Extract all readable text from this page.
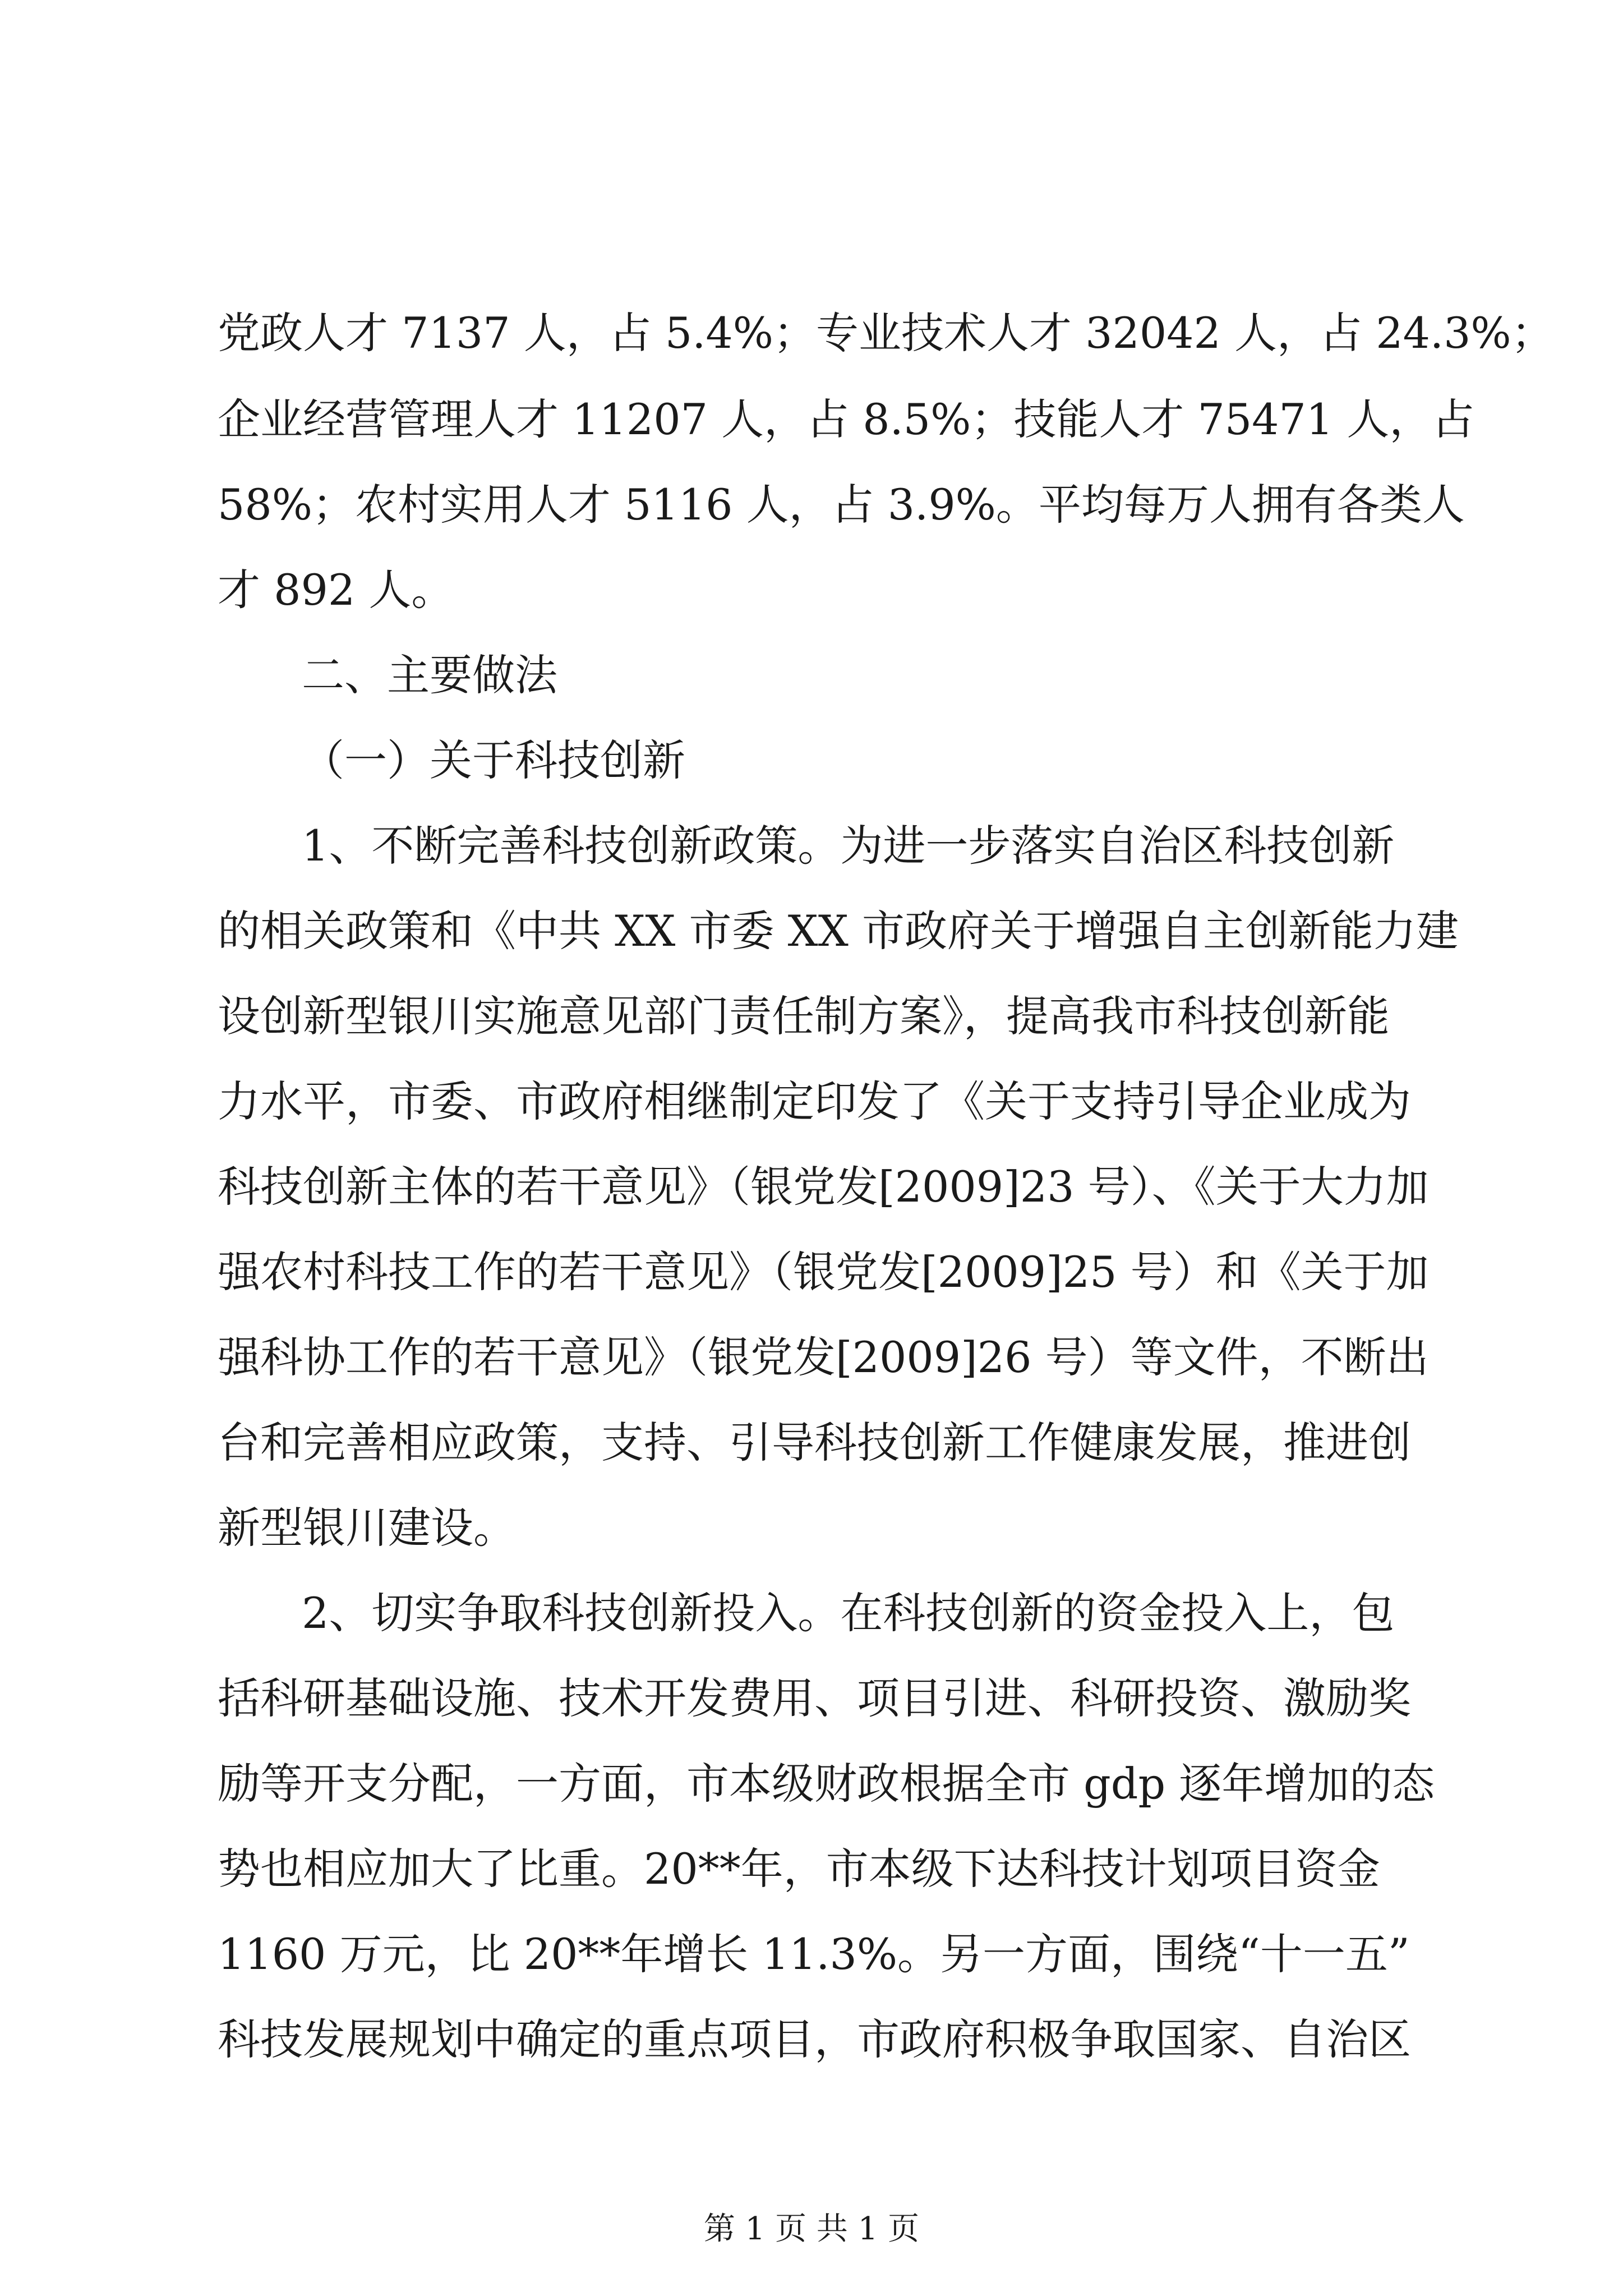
党政人才 7137 人，占 5.4%；专业技术人才 32042 人，占 24.3%；
企业经营管理人才 11207 人，占 8.5%；技能人才 75471 人，占
58%；农村实用人才 5116 人，占 3.9%。平均每万人拥有各类人
才 892 人。
二、主要做法
（一）关于科技创新
1、不断完善科技创新政策。为进一步落实自治区科技创新
的相关政策和《中共 XX 市委 XX 市政府关于增强自主创新能力建
设创新型银川实施意见部门责任制方案》，提高我市科技创新能
力水平，市委、市政府相继制定印发了《关于支持引导企业成为
科技创新主体的若干意见》（银党发[2009]23 号）、《关于大力加
强农村科技工作的若干意见》（银党发[2009]25 号）和《关于加
强科协工作的若干意见》（银党发[2009]26 号）等文件，不断出
台和完善相应政策，支持、引导科技创新工作健康发展，推进创
新型银川建设。
2、切实争取科技创新投入。在科技创新的资金投入上，包
括科研基础设施、技术开发费用、项目引进、科研投资、激励奖
励等开支分配，一方面，市本级财政根据全市 gdp 逐年增加的态
势也相应加大了比重。20**年，市本级下达科技计划项目资金
1160 万元，比 20**年增长 11.3%。另一方面，围绕“十一五”
科技发展规划中确定的重点项目，市政府积极争取国家、自治区
第 1 页 共 1 页
